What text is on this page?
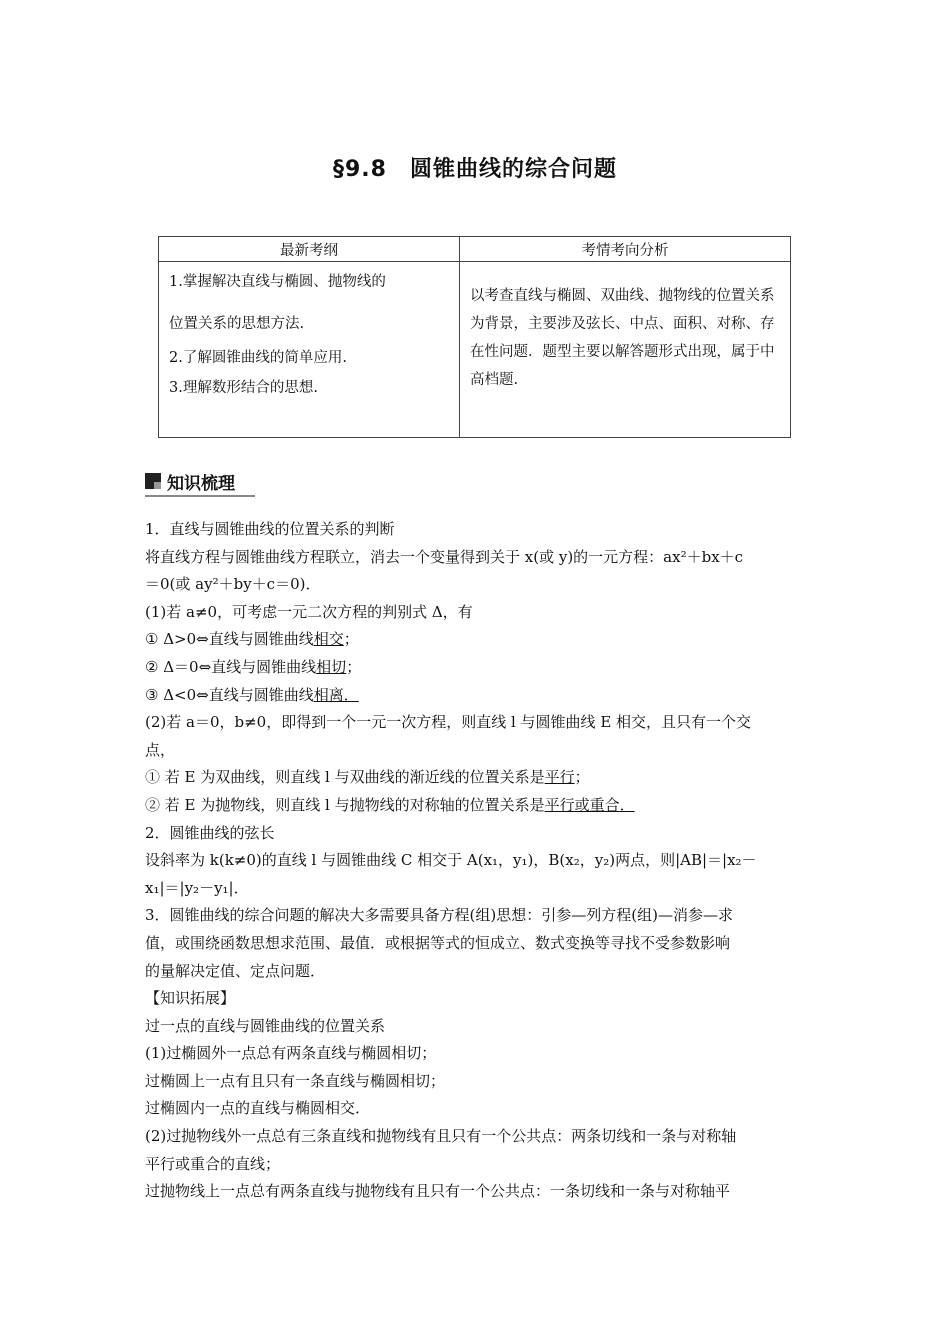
§9.8　圆锥曲线的综合问题
最新考纲	考情考向分析

1.掌握解决直线与椭圆、抛物线的
位置关系的思想方法.
2.了解圆锥曲线的简单应用.
3.理解数形结合的思想.	以考查直线与椭圆、双曲线、抛物线的位置关系为背景，主要涉及弦长、中点、面积、对称、存在性问题．题型主要以解答题形式出现，属于中高档题.
知识梳理

1．直线与圆锥曲线的位置关系的判断

将直线方程与圆锥曲线方程联立，消去一个变量得到关于 x(或 y)的一元方程：ax²＋bx＋c

＝0(或 ay²＋by＋c＝0)．

(1)若 a≠0，可考虑一元二次方程的判别式 Δ，有

① Δ>0⇔直线与圆锥曲线相交；

② Δ＝0⇔直线与圆锥曲线相切；

③ Δ<0⇔直线与圆锥曲线相离．

(2)若 a＝0，b≠0，即得到一个一元一次方程，则直线 l 与圆锥曲线 E 相交，且只有一个交

点，

① 若 E 为双曲线，则直线 l 与双曲线的渐近线的位置关系是平行；

② 若 E 为抛物线，则直线 l 与抛物线的对称轴的位置关系是平行或重合．

2．圆锥曲线的弦长

设斜率为 k(k≠0)的直线 l 与圆锥曲线 C 相交于 A(x₁，y₁)，B(x₂，y₂)两点，则|AB|＝|x₂－

x₁|＝|y₂－y₁|．

3．圆锥曲线的综合问题的解决大多需要具备方程(组)思想：引参—列方程(组)—消参—求

值，或围绕函数思想求范围、最值．或根据等式的恒成立、数式变换等寻找不受参数影响

的量解决定值、定点问题．

【知识拓展】

过一点的直线与圆锥曲线的位置关系

(1)过椭圆外一点总有两条直线与椭圆相切；

过椭圆上一点有且只有一条直线与椭圆相切；

过椭圆内一点的直线与椭圆相交．

(2)过抛物线外一点总有三条直线和抛物线有且只有一个公共点：两条切线和一条与对称轴

平行或重合的直线；

过抛物线上一点总有两条直线与抛物线有且只有一个公共点：一条切线和一条与对称轴平
